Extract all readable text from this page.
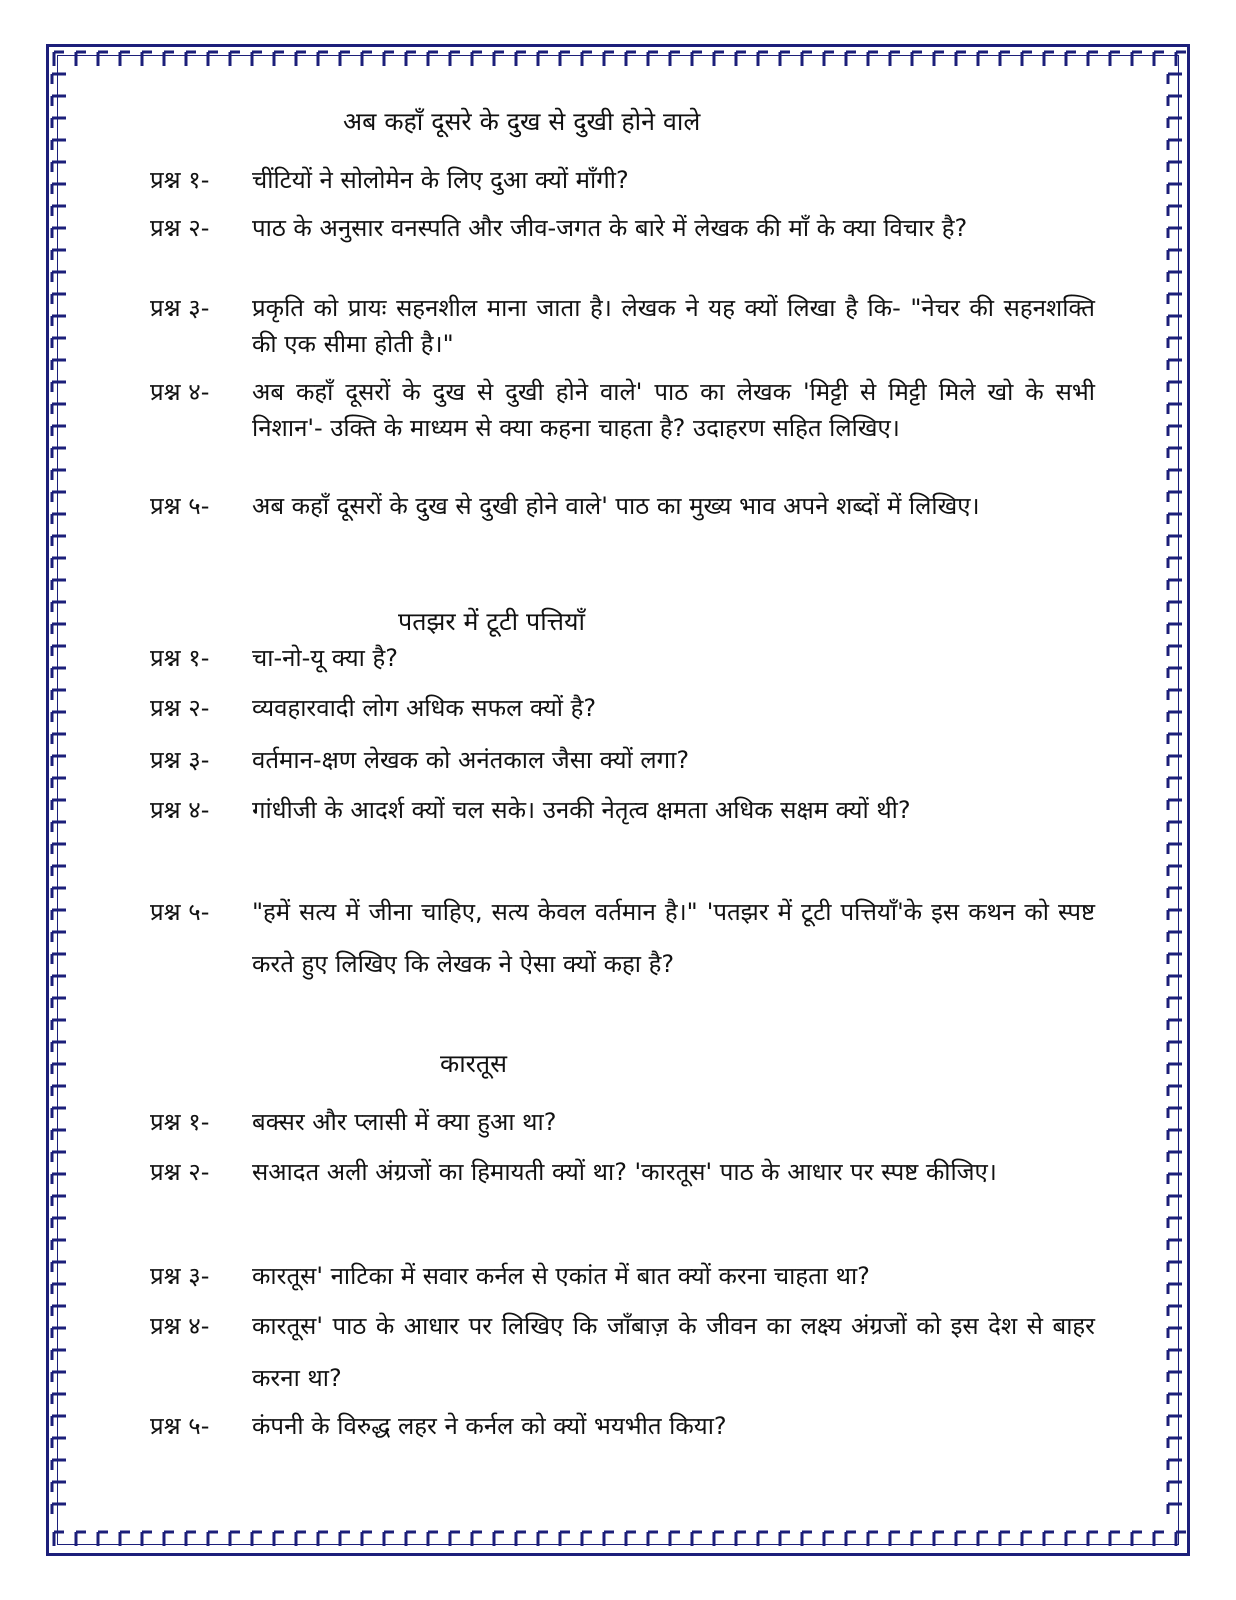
अब कहाँ दूसरे के दुख से दुखी होने वाले
प्रश्न १- चींटियों ने सोलोमेन के लिए दुआ क्यों माँगी?
प्रश्न २- पाठ के अनुसार वनस्पति और जीव-जगत के बारे में लेखक की माँ के क्या विचार है?
प्रश्न ३- प्रकृति को प्रायः सहनशील माना जाता है। लेखक ने यह क्यों लिखा है कि- "नेचर की सहनशक्ति की एक सीमा होती है।"
प्रश्न ४- अब कहाँ दूसरों के दुख से दुखी होने वाले' पाठ का लेखक 'मिट्टी से मिट्टी मिले खो के सभी निशान'- उक्ति के माध्यम से क्या कहना चाहता है? उदाहरण सहित लिखिए।
प्रश्न ५- अब कहाँ दूसरों के दुख से दुखी होने वाले' पाठ का मुख्य भाव अपने शब्दों में लिखिए।
पतझर में टूटी पत्तियाँ
प्रश्न १- चा-नो-यू क्या है?
प्रश्न २- व्यवहारवादी लोग अधिक सफल क्यों है?
प्रश्न ३- वर्तमान-क्षण लेखक को अनंतकाल जैसा क्यों लगा?
प्रश्न ४- गांधीजी के आदर्श क्यों चल सके। उनकी नेतृत्व क्षमता अधिक सक्षम क्यों थी?
प्रश्न ५- "हमें सत्य में जीना चाहिए, सत्य केवल वर्तमान है।" 'पतझर में टूटी पत्तियाँ'के इस कथन को स्पष्ट करते हुए लिखिए कि लेखक ने ऐसा क्यों कहा है?
कारतूस
प्रश्न १- बक्सर और प्लासी में क्या हुआ था?
प्रश्न २- सआदत अली अंग्रजों का हिमायती क्यों था? 'कारतूस' पाठ के आधार पर स्पष्ट कीजिए।
प्रश्न ३- कारतूस' नाटिका में सवार कर्नल से एकांत में बात क्यों करना चाहता था?
प्रश्न ४- कारतूस' पाठ के आधार पर लिखिए कि जाँबाज़ के जीवन का लक्ष्य अंग्रजों को इस देश से बाहर करना था?
प्रश्न ५- कंपनी के विरुद्ध लहर ने कर्नल को क्यों भयभीत किया?
